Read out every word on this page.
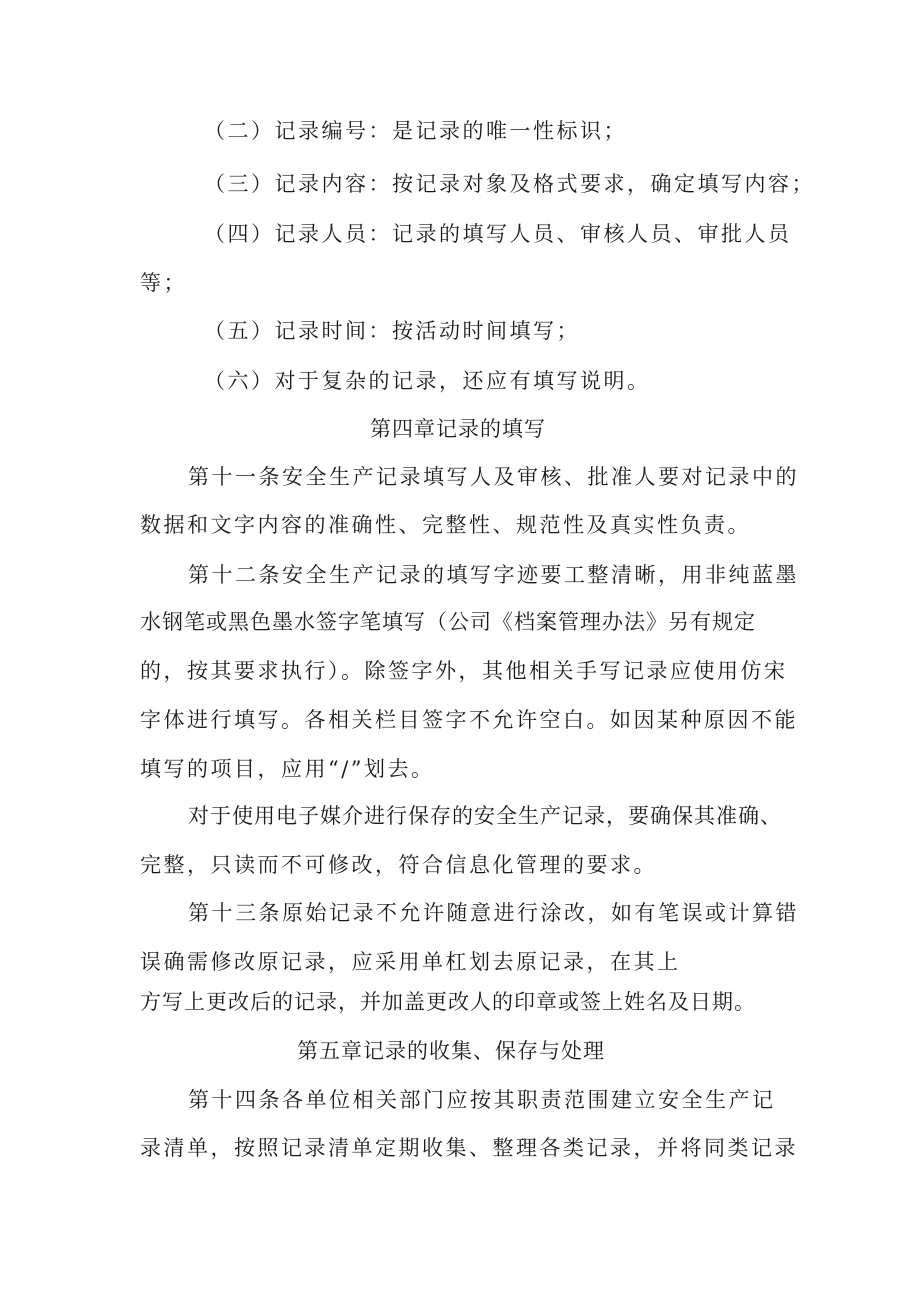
（二）记录编号：是记录的唯一性标识；
（三）记录内容：按记录对象及格式要求，确定填写内容；
（四）记录人员：记录的填写人员、审核人员、审批人员
等；
（五）记录时间：按活动时间填写；
（六）对于复杂的记录，还应有填写说明。
第四章记录的填写
第十一条安全生产记录填写人及审核、批准人要对记录中的
数据和文字内容的准确性、完整性、规范性及真实性负责。
第十二条安全生产记录的填写字迹要工整清晰，用非纯蓝墨
水钢笔或黑色墨水签字笔填写（公司《档案管理办法》另有规定
的，按其要求执行）。除签字外，其他相关手写记录应使用仿宋
字体进行填写。各相关栏目签字不允许空白。如因某种原因不能
填写的项目，应用“/”划去。
对于使用电子媒介进行保存的安全生产记录，要确保其准确、
完整，只读而不可修改，符合信息化管理的要求。
第十三条原始记录不允许随意进行涂改，如有笔误或计算错
误确需修改原记录，应采用单杠划去原记录，在其上
方写上更改后的记录，并加盖更改人的印章或签上姓名及日期。
第五章记录的收集、保存与处理
第十四条各单位相关部门应按其职责范围建立安全生产记
录清单，按照记录清单定期收集、整理各类记录，并将同类记录
